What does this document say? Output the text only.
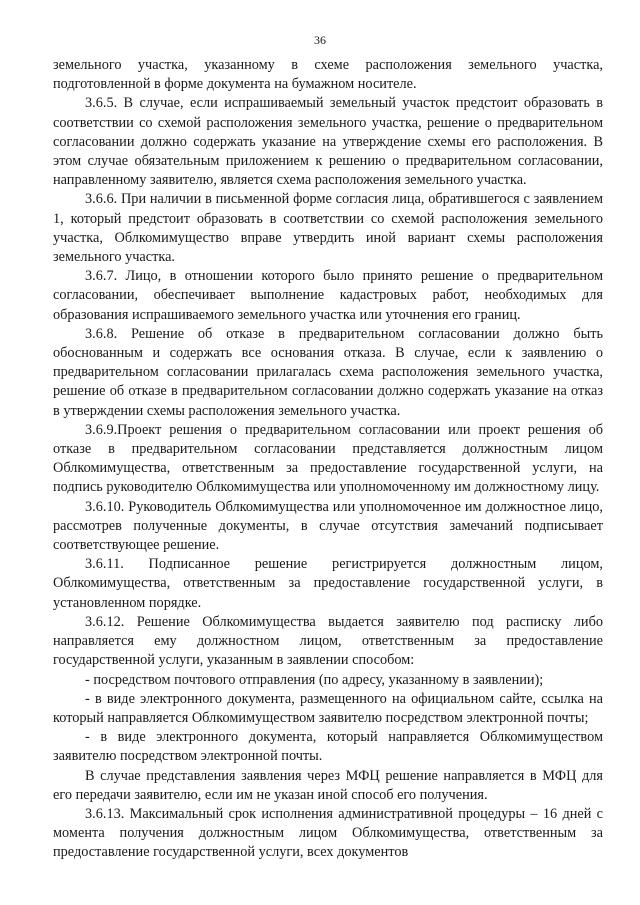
36

земельного участка, указанному в схеме расположения земельного участка, подготовленной в форме документа на бумажном носителе.

3.6.5. В случае, если испрашиваемый земельный участок предстоит образовать в соответствии со схемой расположения земельного участка, решение о предварительном согласовании должно содержать указание на утверждение схемы его расположения. В этом случае обязательным приложением к решению о предварительном согласовании, направленному заявителю, является схема расположения земельного участка.

3.6.6. При наличии в письменной форме согласия лица, обратившегося с заявлением 1, который предстоит образовать в соответствии со схемой расположения земельного участка, Облкомимущество вправе утвердить иной вариант схемы расположения земельного участка.

3.6.7. Лицо, в отношении которого было принято решение о предварительном согласовании, обеспечивает выполнение кадастровых работ, необходимых для образования испрашиваемого земельного участка или уточнения его границ.

3.6.8. Решение об отказе в предварительном согласовании должно быть обоснованным и содержать все основания отказа. В случае, если к заявлению о предварительном согласовании прилагалась схема расположения земельного участка, решение об отказе в предварительном согласовании должно содержать указание на отказ в утверждении схемы расположения земельного участка.

3.6.9.Проект решения о предварительном согласовании или проект решения об отказе в предварительном согласовании представляется должностным лицом Облкомимущества, ответственным за предоставление государственной услуги, на подпись руководителю Облкомимущества или уполномоченному им должностному лицу.

3.6.10. Руководитель Облкомимущества или уполномоченное им должностное лицо, рассмотрев полученные документы, в случае отсутствия замечаний подписывает соответствующее решение.

3.6.11. Подписанное решение регистрируется должностным лицом, Облкомимущества, ответственным за предоставление государственной услуги, в установленном порядке.

3.6.12. Решение Облкомимущества выдается заявителю под расписку либо направляется ему должностном лицом, ответственным за предоставление государственной услуги, указанным в заявлении способом:

- посредством почтового отправления (по адресу, указанному в заявлении);

- в виде электронного документа, размещенного на официальном сайте, ссылка на который направляется Облкомимуществом заявителю посредством электронной почты;

- в виде электронного документа, который направляется Облкомимуществом заявителю посредством электронной почты.

В случае представления заявления через МФЦ решение направляется в МФЦ для его передачи заявителю, если им не указан иной способ его получения.

3.6.13. Максимальный срок исполнения административной процедуры – 16 дней с момента получения должностным лицом Облкомимущества, ответственным за предоставление государственной услуги, всех документов
